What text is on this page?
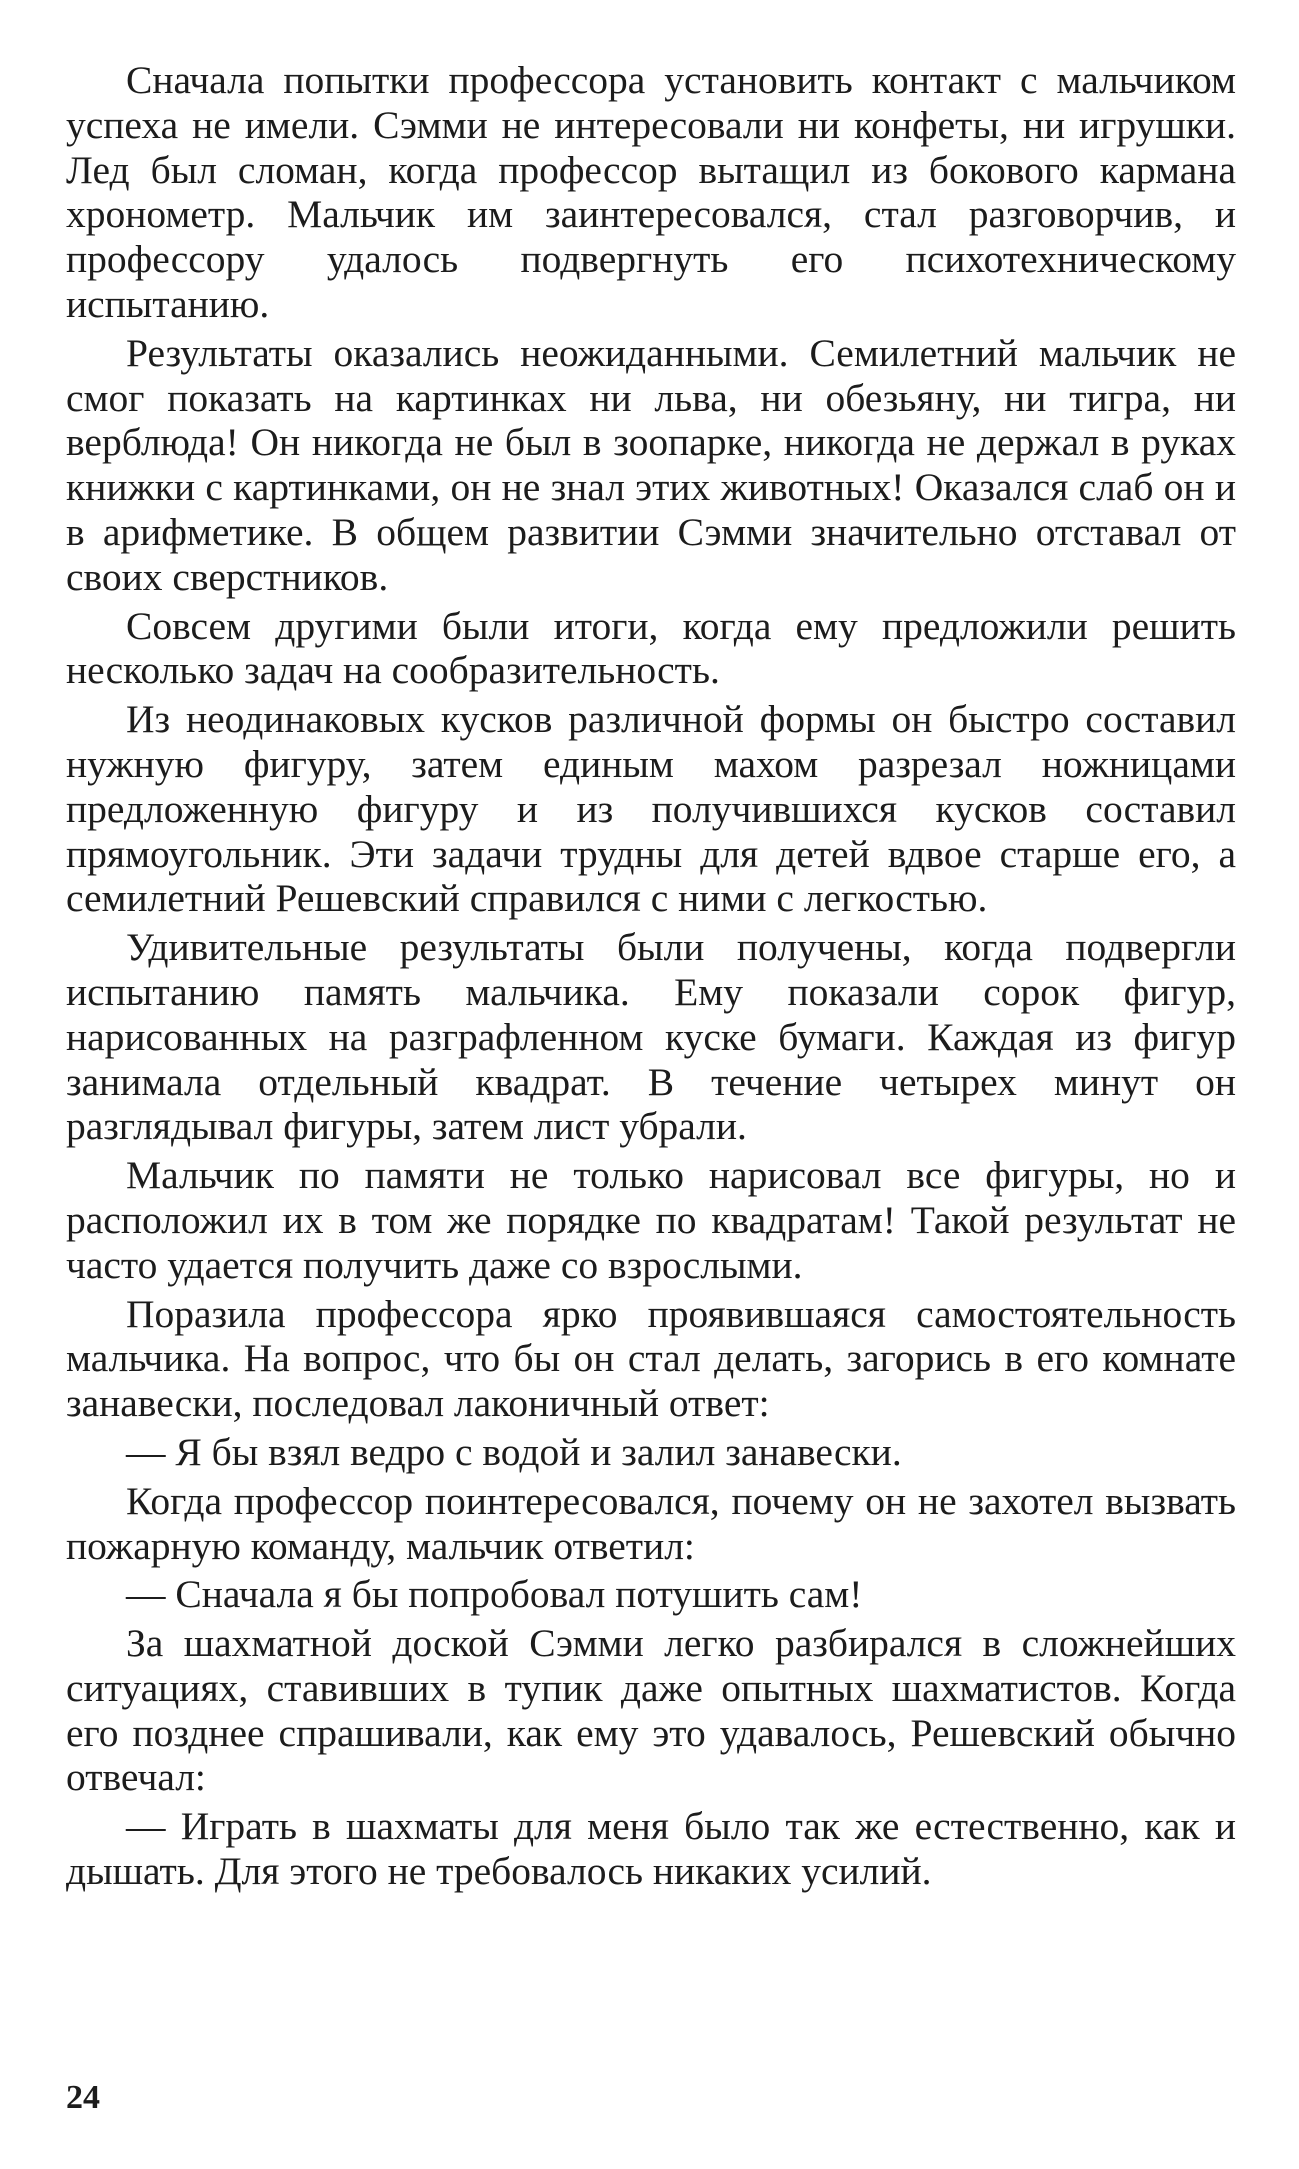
Сначала попытки профессора установить контакт с мальчиком успеха не имели. Сэмми не интересовали ни конфеты, ни игрушки. Лед был сломан, когда профессор вытащил из бокового кармана хронометр. Мальчик им заинтересовался, стал разговорчив, и профессору удалось подвергнуть его психотехническому испытанию.

Результаты оказались неожиданными. Семилетний мальчик не смог показать на картинках ни льва, ни обезьяну, ни тигра, ни верблюда! Он никогда не был в зоопарке, никогда не держал в руках книжки с картинками, он не знал этих животных! Оказался слаб он и в арифметике. В общем развитии Сэмми значительно отставал от своих сверстников.

Совсем другими были итоги, когда ему предложили решить несколько задач на сообразительность.

Из неодинаковых кусков различной формы он быстро составил нужную фигуру, затем единым махом разрезал ножницами предложенную фигуру и из получившихся кусков составил прямоугольник. Эти задачи трудны для детей вдвое старше его, а семилетний Решевский справился с ними с легкостью.

Удивительные результаты были получены, когда подвергли испытанию память мальчика. Ему показали сорок фигур, нарисованных на разграфленном куске бумаги. Каждая из фигур занимала отдельный квадрат. В течение четырех минут он разглядывал фигуры, затем лист убрали.

Мальчик по памяти не только нарисовал все фигуры, но и расположил их в том же порядке по квадратам! Такой результат не часто удается получить даже со взрослыми.

Поразила профессора ярко проявившаяся самостоятельность мальчика. На вопрос, что бы он стал делать, загорись в его комнате занавески, последовал лаконичный ответ:

— Я бы взял ведро с водой и залил занавески.

Когда профессор поинтересовался, почему он не захотел вызвать пожарную команду, мальчик ответил:

— Сначала я бы попробовал потушить сам!

За шахматной доской Сэмми легко разбирался в сложнейших ситуациях, ставивших в тупик даже опытных шахматистов. Когда его позднее спрашивали, как ему это удавалось, Решевский обычно отвечал:

— Играть в шахматы для меня было так же естественно, как и дышать. Для этого не требовалось никаких усилий.

24
